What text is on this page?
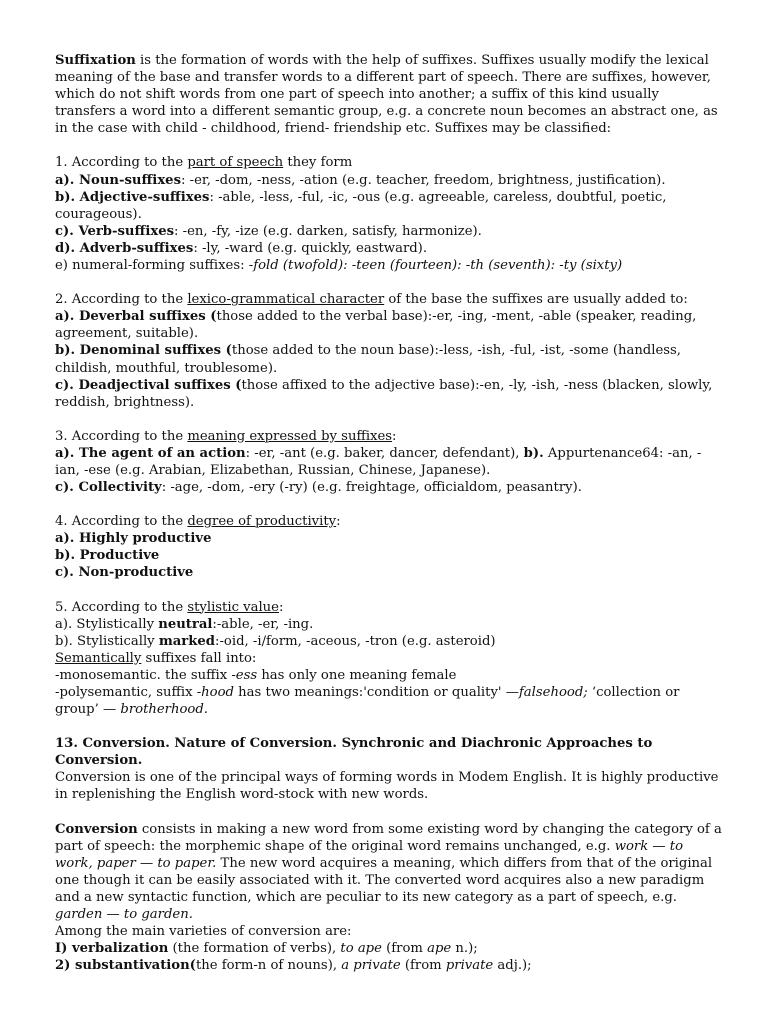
Suffixation is the formation of words with the help of suffixes. Suffixes usually modify the lexical meaning of the base and transfer words to a different part of speech. There are suffixes, however, which do not shift words from one part of speech into another; a suffix of this kind usually transfers a word into a different semantic group, e.g. a concrete noun becomes an abstract one, as in the case with child - childhood, friend- friendship etc. Suffixes may be classified:

1. According to the part of speech they form

a). Noun-suffixes: -er, -dom, -ness, -ation (e.g. teacher, freedom, brightness, justification).

b). Adjective-suffixes: -able, -less, -ful, -ic, -ous (e.g. agreeable, careless, doubtful, poetic, courageous).

c). Verb-suffixes: -en, -fy, -ize (e.g. darken, satisfy, harmonize).

d). Adverb-suffixes: -ly, -ward (e.g. quickly, eastward).

e) numeral-forming suffixes: -fold (twofold): -teen (fourteen): -th (seventh): -ty (sixty)

2. According to the lexico-grammatical character of the base the suffixes are usually added to:

a). Deverbal suffixes (those added to the verbal base):-er, -ing, -ment, -able (speaker, reading, agreement, suitable).

b). Denominal suffixes (those added to the noun base):-less, -ish, -ful, -ist, -some (handless, childish, mouthful, troublesome).

c). Deadjectival suffixes (those affixed to the adjective base):-en, -ly, -ish, -ness (blacken, slowly, reddish, brightness).

3. According to the meaning expressed by suffixes:

a). The agent of an action: -er, -ant (e.g. baker, dancer, defendant), b). Appurtenance64: -an, -ian, -ese (e.g. Arabian, Elizabethan, Russian, Chinese, Japanese).

c). Collectivity: -age, -dom, -ery (-ry) (e.g. freightage, officialdom, peasantry).

4. According to the degree of productivity:

a). Highly productive

b). Productive

c). Non-productive

5. According to the stylistic value:

a). Stylistically neutral:-able, -er, -ing.

b). Stylistically marked:-oid, -i/form, -aceous, -tron (e.g. asteroid)

Semantically suffixes fall into:

-monosemantic. the suffix -ess has only one meaning female

-polysemantic, suffix -hood has two meanings:'condition or quality' —falsehood; ‘collection or group’ — brotherhood.

13. Conversion. Nature of Conversion. Synchronic and Diachronic Approaches to Conversion.

Conversion is one of the principal ways of forming words in Modem English. It is highly productive in replenishing the English word-stock with new words.

Conversion consists in making a new word from some existing word by changing the category of a part of speech: the morphemic shape of the original word remains unchanged, e.g. work — to work, paper — to paper. The new word acquires a meaning, which differs from that of the original one though it can be easily associated with it. The converted word acquires also a new paradigm and a new syntactic function, which are peculiar to its new category as a part of speech, e.g. garden — to garden.

Among the main varieties of conversion are:

I) verbalization (the formation of verbs), to ape (from ape n.);

2) substantivation(the form-n of nouns), a private (from private adj.);
